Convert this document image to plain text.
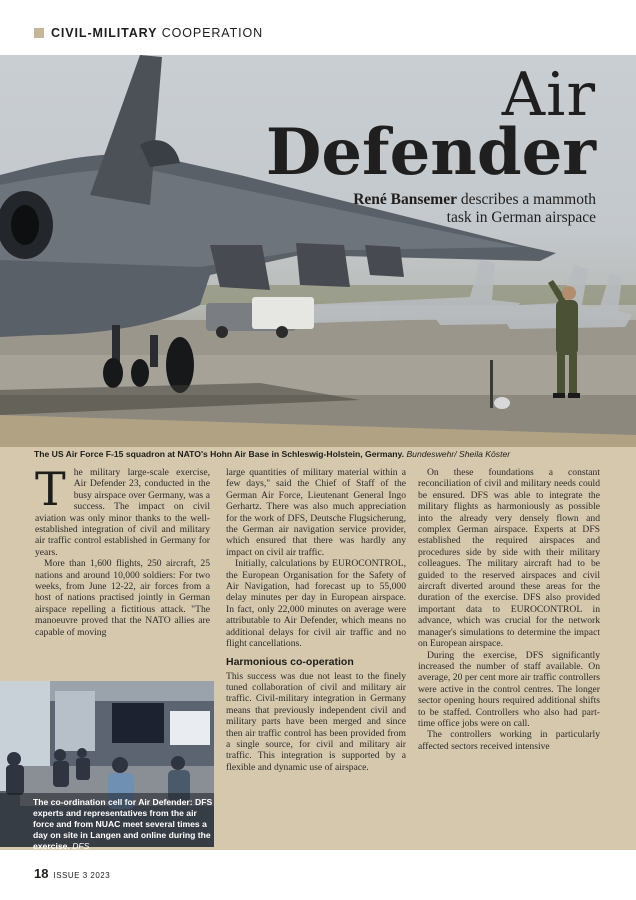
CIVIL-MILITARY COOPERATION
Air
Defender
René Bansemer describes a mammoth
task in German airspace
The US Air Force F-15 squadron at NATO's Hohn Air Base in Schleswig-Holstein, Germany. Bundeswehr/ Sheila Köster

The military large-scale exercise, Air Defender 23, conducted in the busy airspace over Germany, was a success. The impact on civil aviation was only minor thanks to the well-established integration of civil and military air traffic control established in Germany for years.

More than 1,600 flights, 250 aircraft, 25 nations and around 10,000 soldiers: For two weeks, from June 12-22, air forces from a host of nations practised jointly in German airspace repelling a fictitious attack. "The manoeuvre proved that the NATO allies are capable of moving

large quantities of military material within a few days," said the Chief of Staff of the German Air Force, Lieutenant General Ingo Gerhartz. There was also much appreciation for the work of DFS, Deutsche Flugsicherung, the German air navigation service provider, which ensured that there was hardly any impact on civil air traffic.

Initially, calculations by EUROCONTROL, the European Organisation for the Safety of Air Navigation, had forecast up to 55,000 delay minutes per day in European airspace. In fact, only 22,000 minutes on average were attributable to Air Defender, which means no additional delays for civil air traffic and no flight cancellations.

Harmonious co-operation

This success was due not least to the finely tuned collaboration of civil and military air traffic. Civil-military integration in Germany means that previously independent civil and military parts have been merged and since then air traffic control has been provided from a single source, for civil and military air traffic. This integration is supported by a flexible and dynamic use of airspace.

On these foundations a constant reconciliation of civil and military needs could be ensured. DFS was able to integrate the military flights as harmoniously as possible into the already very densely flown and complex German airspace. Experts at DFS established the required airspaces and procedures side by side with their military colleagues. The military aircraft had to be guided to the reserved airspaces and civil aircraft diverted around these areas for the duration of the exercise. DFS also provided important data to EUROCONTROL in advance, which was crucial for the network manager's simulations to determine the impact on European airspace.

During the exercise, DFS significantly increased the number of staff available. On average, 20 per cent more air traffic controllers were active in the control centres. The longer sector opening hours required additional shifts to be staffed. Controllers who also had part-time office jobs were on call.

The controllers working in particularly affected sectors received intensive

The co-ordination cell for Air Defender: DFS experts and representatives from the air force and from NUAC meet several times a day on site in Langen and online during the exercise. DFS
18 ISSUE 3 2023
